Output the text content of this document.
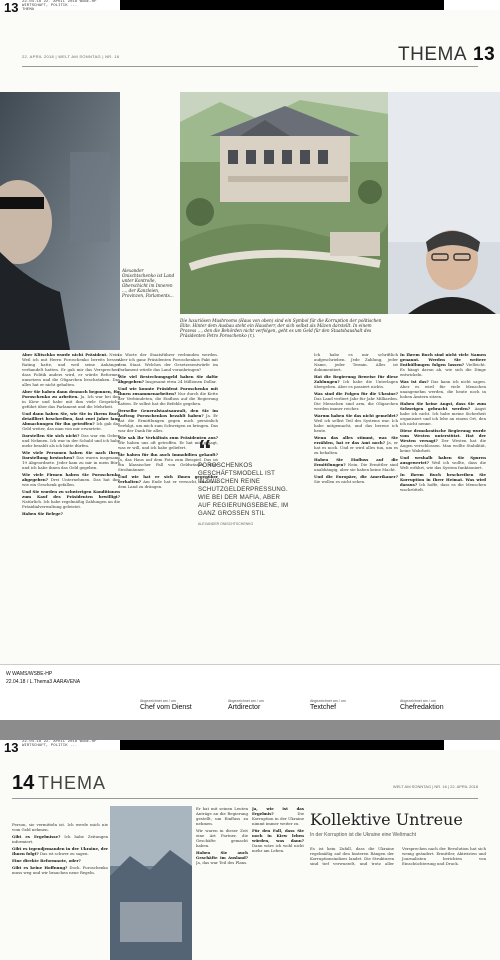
13 22.04.18 22. APRIL 2018 WSBE-HP
WIRTSCHAFT, POLITIK ...
THEMA
22. APRIL 2018 | WELT AM SONNTAG | NR. 16	THEMA 13
Alexander Onischtschenko ist Land unter Kontrolle, Oberschicht im Inneren ..., der Kanzleien, Provinzen, Parlaments...
Die luxuriösen Mushrooms (Haus von oben) sind ein Symbol für die Korruption der politischen Elite. Hinter dem Ausbau steht ein Hausherr, der sich selbst als Mäzen darstellt. In einem Prozess ..., den die Behörden nicht verfolgen, geht es um Geld für den Staatshaushalt des Präsidenten Petro Poroschenko (r.).

Aber Klitschko wurde nicht Präsident. Nein. Weil ich mit Herrn Poroschenko bereits besser Rating hatte, und weil seine Anhänger verhandelt hatten. Er gab mir das Versprechen, dass Politik anders wird, er würde Reformen umsetzen und die Oligarchen beschränken. Das alles hat er nicht gehalten.

Aber Sie haben dann dennoch begonnen, für Poroschenko zu arbeiten. Ja. Ich war bei ihm in Kiew und habe mit ihm viele Gespräche geführt über das Parlament und die Mehrheit.

Und dann haben Sie, wie Sie in Ihrem Buch detailliert beschreiben, fast zwei Jahre lang Abmachungen für ihn getroffen? Ich gab das Geld weiter, das man von mir erwartete.

Darstellen Sie sich nicht? Das war ein Geben und Nehmen. Ich war in der Schuld und ich habe mehr bezahlt als ich hätte dürfen.

Wie viele Personen haben Sie nach Ihrer Darstellung bestochen? Das waren insgesamt 19 Abgeordnete. Jeder kam zu mir in mein Büro und ich habe ihnen das Geld gegeben.

Wie viele Firmen haben Sie Poroschenko abgegeben? Drei Unternehmen. Das hat ihm wie ein Geschenk gefallen.

Und Sie wurden zu schwierigen Konditionen zum Kauf des Präsidenten bewilligt? Natürlich. Ich habe regelmäßig Zahlungen an die Präsidialverwaltung geleistet.

Haben Sie Belege?

In Worte der Staatsführer verbunden werden. Aber ich ganz Präsidenten Poroschenkos Pakt mit dem Staat. Welches der Gesetzesentwürfe im Parlament würde das Land voranbringen?

Wie viel Bestechungsgeld haben Sie dafür abgegeben? Insgesamt etwa 24 Millionen Dollar.

Und wie konnte Präsident Poroschenko mit Ihnen zusammenarbeiten? Nur durch die Kette der Verbündeten, die Einfluss auf die Regierung hatten. Er selbst hat die Befehle gegeben.

Derselbe Generalstaatsanwalt, den Sie im Auftrag Poroschenkos bezahlt haben? Ja. Er hat die Ermittlungen gegen mich persönlich verfolgt, um mich zum Schweigen zu bringen. Das war der Dank für alles.

Wie sah Ihr Verhältnis zum Präsidenten aus? Wir haben uns oft getroffen. Er hat mir gesagt, was er will, und ich habe geliefert.

Sie haben für ihn auch Immobilien gekauft? Ja, das Haus auf dem Foto zum Beispiel. Das ist ein klassischer Fall von Geldwäsche über Strohmänner.

Und wie hat er sich Ihnen gegenüber verhalten? Am Ende hat er versucht, mich aus dem Land zu drängen.

“
POROSCHENKOS GESCHÄFTSMODELL IST INZWISCHEN REINE SCHUTZGELDERPRESSUNG. WIE BEI DER MAFIA, ABER AUF REGIERUNGSEBENE, IM GANZ GROSSEN STIL
ALEXANDER ONISCHTSCHENKO

Ich habe es mir schriftlich aufgeschrieben. Jede Zahlung, jeder Name, jeder Termin. Alles ist dokumentiert.

Hat die Regierung Beweise für diese Zahlungen? Ich habe die Unterlagen übergeben. Aber es passiert nichts.

Was sind die Folgen für die Ukraine? Das Land verliert Jahr für Jahr Milliarden. Die Menschen sind arm, die Oligarchen werden immer reicher.

Warum haben Sie das nicht gemeldet? Weil ich selbst Teil des Systems war. Ich habe mitgemacht, und das bereue ich heute.

Wenn das alles stimmt, was Sie erzählen, hat er das Amt noch? Ja, er hat es noch. Und er wird alles tun, um es zu behalten.

Haben Sie Einfluss auf die Ermittlungen? Nein. Die Ermittler sind unabhängig, aber sie haben keine Macht.

Und die Europäer, die Amerikaner? Sie wollen es nicht sehen.

In Ihrem Buch sind nicht viele Namen genannt. Werden Sie weitere Enthüllungen folgen lassen? Vielleicht. Es hängt davon ab, wie sich die Dinge entwickeln.

Was ist das? Das kann ich nicht sagen. Aber es wird für viele Menschen unangenehm werden, die heute noch in hohen Ämtern sitzen.

Haben Sie keine Angst, dass Sie zum Schweigen gebracht werden? Angst habe ich nicht. Ich habe meine Sicherheit organisiert und ich lebe an einem Ort, den ich nicht nenne.

Diese demokratische Regierung wurde vom Westen unterstützt. Hat der Westen versagt? Der Westen hat die Augen verschlossen. Man wollte Stabilität, keine Wahrheit.

Und weshalb haben Sie Spuren ausgewertet? Weil ich wollte, dass die Welt erfährt, wie das System funktioniert.

In Ihrem Buch beschreiben Sie Korruption in Ihrer Heimat. Was wird daraus? Ich hoffe, dass es die Menschen wachrüttelt.

W WAMS/WSBE-HP
22.04.18 / L.Thema3 AARAVENA
Abgezeichnet am / um
Chef vom Dienst
Abgezeichnet am / um
Artdirector
Abgezeichnet am / um
Textchef
Abgezeichnet am / um
Chefredaktion
13 22.04.18 22. APRIL 2018 WSBE-HP
WIRTSCHAFT, POLITIK ...
14 THEMA	WELT AM SONNTAG | NR. 16 | 22. APRIL 2018

Person, sie vermitteln ist. Ich werde mich nie vom Geld nehmen.

Gibt es Ergebnisse? Ich habe Zeitungen informiert.

Gibt es irgendjemanden in der Ukraine, der Ihnen folgt? Das ist schwer zu sagen.

Eine direkte Reformnote, oder?

Gibt es keine Hoffnung? Doch. Poroschenko muss weg und wir brauchen neue Regeln.

Er hat mit seinen Leuten Anträge an die Regierung gestellt, um Einfluss zu nehmen.

Wir waren in dieser Zeit eine Art Partner, die Geschäfte gemacht haben.

Haben Sie auch Geschäfte im Ausland? Ja, das war Teil des Plans.

Ja, wie ist das Ergebnis?	Die Korruption in der Ukraine nimmt immer weiter zu.

Für den Fall, dass Sie noch in Kiew leben würden, was dann? Dann wäre ich wohl nicht mehr am Leben.

Kollektive Untreue
In der Korruption ist die Ukraine eine Weltmacht

Es ist kein Zufall, dass die Ukraine regelmäßig auf den hinteren Rängen der Korruptionsindizes landet. Die Strukturen sind tief verwurzelt, und trotz aller Versprechen nach der Revolution hat sich wenig geändert. Ermittler, Aktivisten und Journalisten berichten von Einschüchterung und Druck.
